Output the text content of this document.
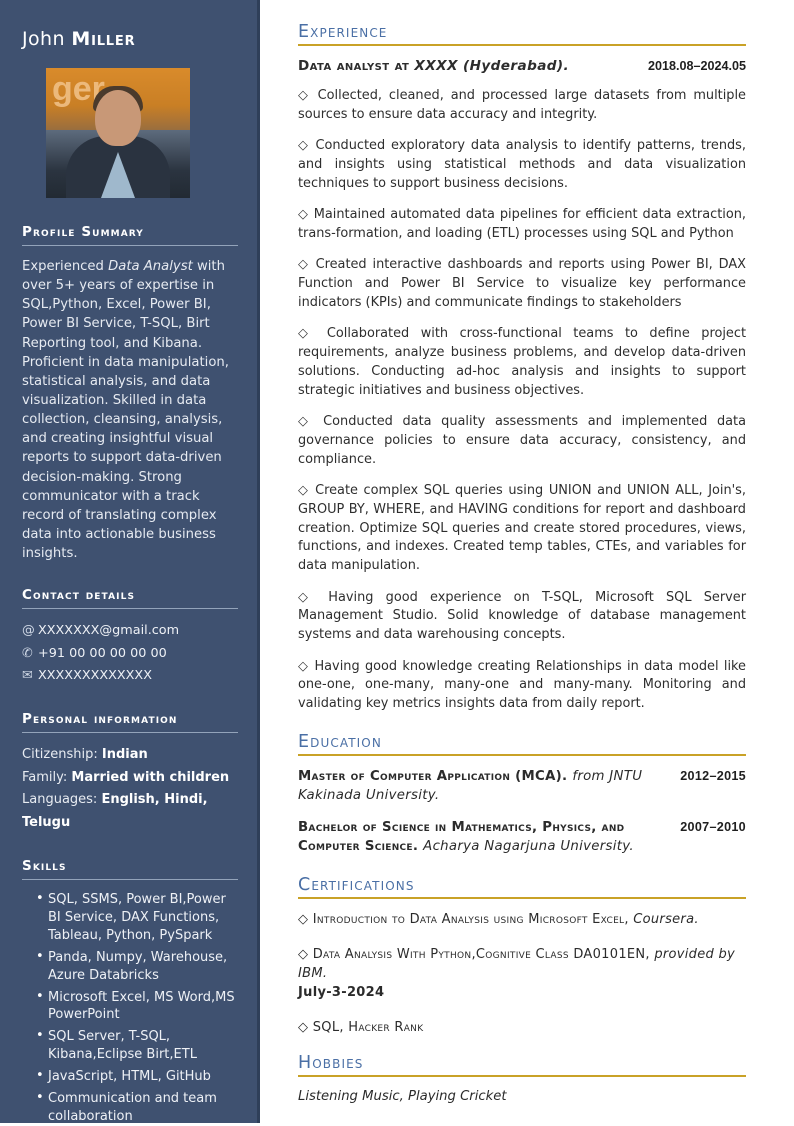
John Miller
ger
Profile Summary
Experienced Data Analyst with over 5+ years of expertise in SQL,Python, Excel, Power BI, Power BI Service, T-SQL, Birt Reporting tool, and Kibana. Proficient in data manipulation, statistical analysis, and data visualization. Skilled in data collection, cleansing, analysis, and creating insightful visual reports to support data-driven decision-making. Strong communicator with a track record of translating complex data into actionable business insights.
Contact details
@ XXXXXXX@gmail.com
✆ +91 00 00 00 00 00
✉ XXXXXXXXXXXXX
Personal information
Citizenship: Indian
Family: Married with children
Languages: English, Hindi, Telugu
Skills
• SQL, SSMS, Power BI,Power BI Service, DAX Functions, Tableau, Python, PySpark
• Panda, Numpy, Warehouse, Azure Databricks
• Microsoft Excel, MS Word,MS PowerPoint
• SQL Server, T-SQL, Kibana,Eclipse Birt,ETL
• JavaScript, HTML, GitHub
• Communication and team collaboration
Experience
Data analyst at XXXX (Hyderabad).	2018.08–2024.05

◇ Collected, cleaned, and processed large datasets from multiple sources to ensure data accuracy and integrity.

◇ Conducted exploratory data analysis to identify patterns, trends, and insights using statistical methods and data visualization techniques to support business decisions.

◇ Maintained automated data pipelines for efficient data extraction, trans-formation, and loading (ETL) processes using SQL and Python

◇ Created interactive dashboards and reports using Power BI, DAX Function and Power BI Service to visualize key performance indicators (KPIs) and communicate findings to stakeholders

◇ Collaborated with cross-functional teams to define project requirements, analyze business problems, and develop data-driven solutions. Conducting ad-hoc analysis and insights to support strategic initiatives and business objectives.

◇ Conducted data quality assessments and implemented data governance policies to ensure data accuracy, consistency, and compliance.

◇ Create complex SQL queries using UNION and UNION ALL, Join's, GROUP BY, WHERE, and HAVING conditions for report and dashboard creation. Optimize SQL queries and create stored procedures, views, functions, and indexes. Created temp tables, CTEs, and variables for data manipulation.

◇ Having good experience on T-SQL, Microsoft SQL Server Management Studio. Solid knowledge of database management systems and data warehousing concepts.

◇ Having good knowledge creating Relationships in data model like one-one, one-many, many-one and many-many. Monitoring and validating key metrics insights data from daily report.

Education
2012–2015
Master of Computer Application (MCA). from JNTU Kakinada University.
2007–2010
Bachelor of Science in Mathematics, Physics, and Computer Science. Acharya Nagarjuna University.
Certifications
◇ Introduction to Data Analysis using Microsoft Excel, Coursera.
◇ Data Analysis With Python,Cognitive Class DA0101EN, provided by IBM.
July-3-2024
◇ SQL, Hacker Rank
Hobbies
Listening Music, Playing Cricket
